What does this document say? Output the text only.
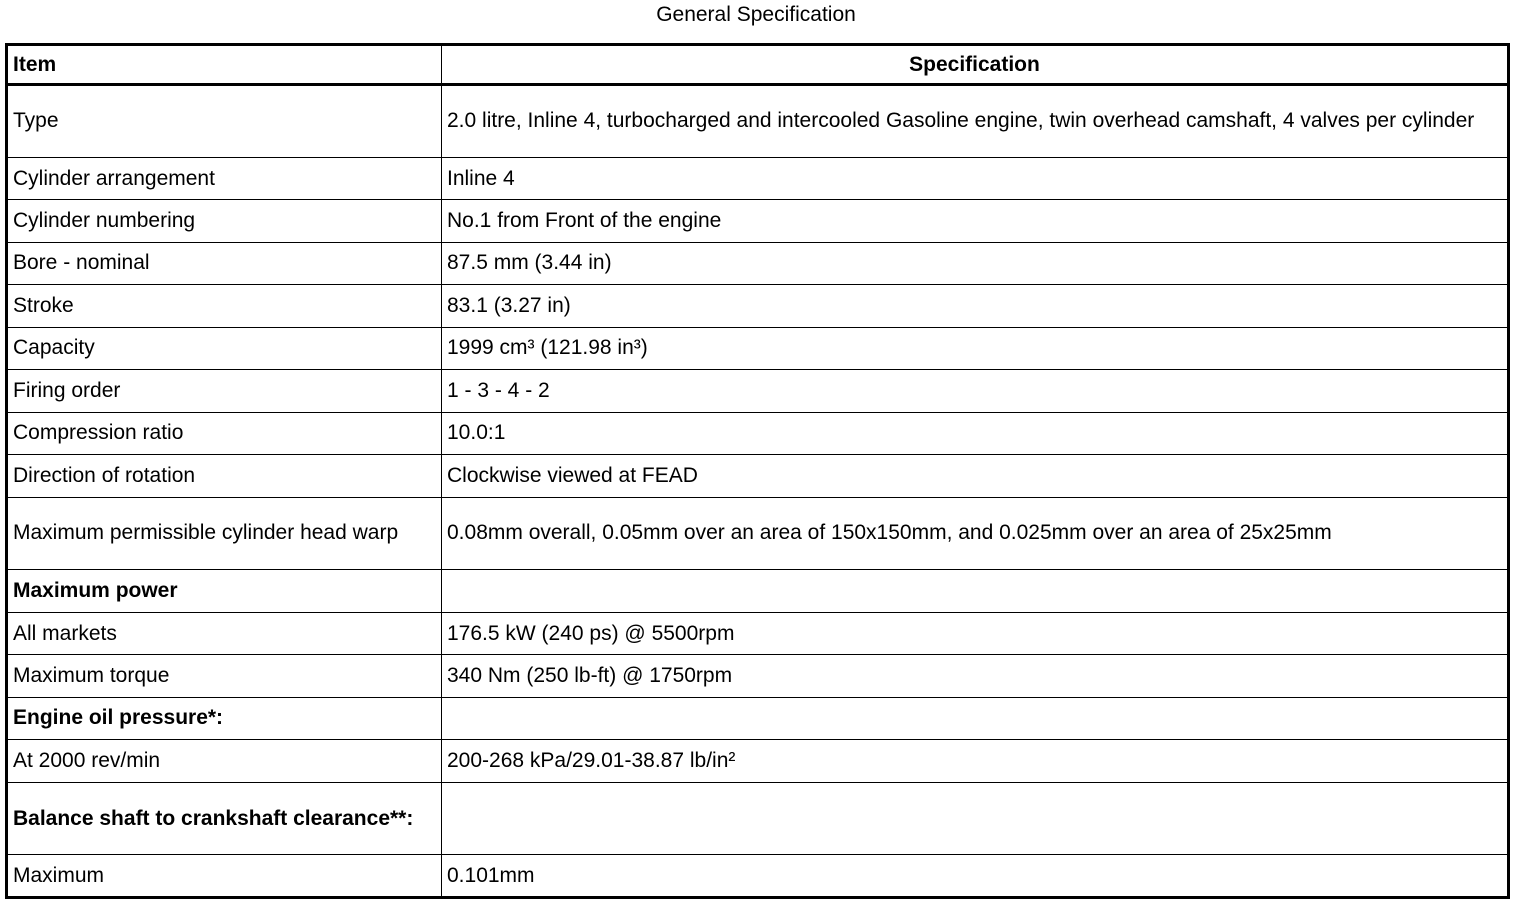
General Specification
Item	Specification
Type	2.0 litre, Inline 4, turbocharged and intercooled Gasoline engine, twin overhead camshaft, 4 valves per cylinder
Cylinder arrangement	Inline 4
Cylinder numbering	No.1 from Front of the engine
Bore - nominal	87.5 mm (3.44 in)
Stroke	83.1 (3.27 in)
Capacity	1999 cm³ (121.98 in³)
Firing order	1 - 3 - 4 - 2
Compression ratio	10.0:1
Direction of rotation	Clockwise viewed at FEAD
Maximum permissible cylinder head warp	0.08mm overall, 0.05mm over an area of 150x150mm, and 0.025mm over an area of 25x25mm
Maximum power	
All markets	176.5 kW (240 ps) @ 5500rpm
Maximum torque	340 Nm (250 lb-ft) @ 1750rpm
Engine oil pressure*:	
At 2000 rev/min	200-268 kPa/29.01-38.87 lb/in²
Balance shaft to crankshaft clearance**:	
Maximum	0.101mm
